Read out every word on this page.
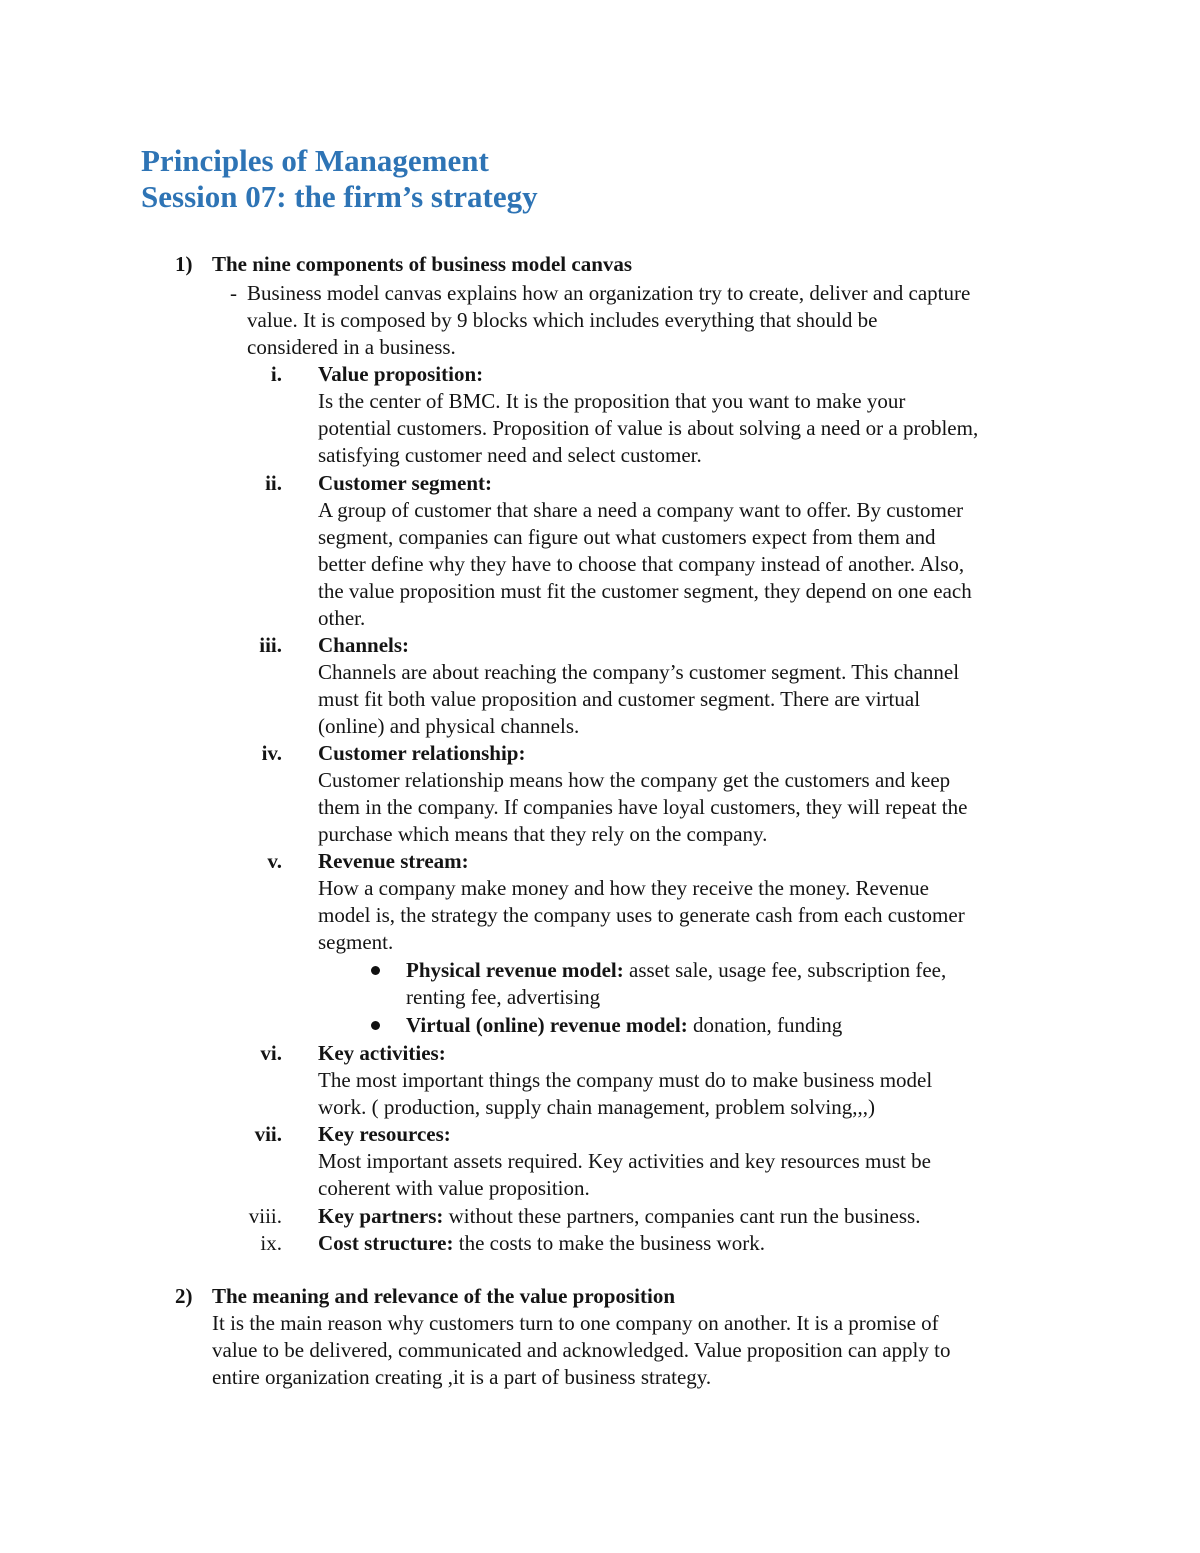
Principles of Management
Session 07: the firm’s strategy
1) The nine components of business model canvas
- Business model canvas explains how an organization try to create, deliver and capture
value. It is composed by 9 blocks which includes everything that should be
considered in a business.
i. Value proposition:
Is the center of BMC. It is the proposition that you want to make your
potential customers. Proposition of value is about solving a need or a problem,
satisfying customer need and select customer.
ii. Customer segment:
A group of customer that share a need a company want to offer. By customer
segment, companies can figure out what customers expect from them and
better define why they have to choose that company instead of another. Also,
the value proposition must fit the customer segment, they depend on one each
other.
iii. Channels:
Channels are about reaching the company’s customer segment. This channel
must fit both value proposition and customer segment. There are virtual
(online) and physical channels.
iv. Customer relationship:
Customer relationship means how the company get the customers and keep
them in the company. If companies have loyal customers, they will repeat the
purchase which means that they rely on the company.
v. Revenue stream:
How a company make money and how they receive the money. Revenue
model is, the strategy the company uses to generate cash from each customer
segment.
Physical revenue model: asset sale, usage fee, subscription fee,
renting fee, advertising
Virtual (online) revenue model: donation, funding
vi. Key activities:
The most important things the company must do to make business model
work. ( production, supply chain management, problem solving,,,)
vii. Key resources:
Most important assets required. Key activities and key resources must be
coherent with value proposition.
viii. Key partners: without these partners, companies cant run the business.
ix. Cost structure: the costs to make the business work.
2) The meaning and relevance of the value proposition
It is the main reason why customers turn to one company on another. It is a promise of
value to be delivered, communicated and acknowledged. Value proposition can apply to
entire organization creating ,it is a part of business strategy.
